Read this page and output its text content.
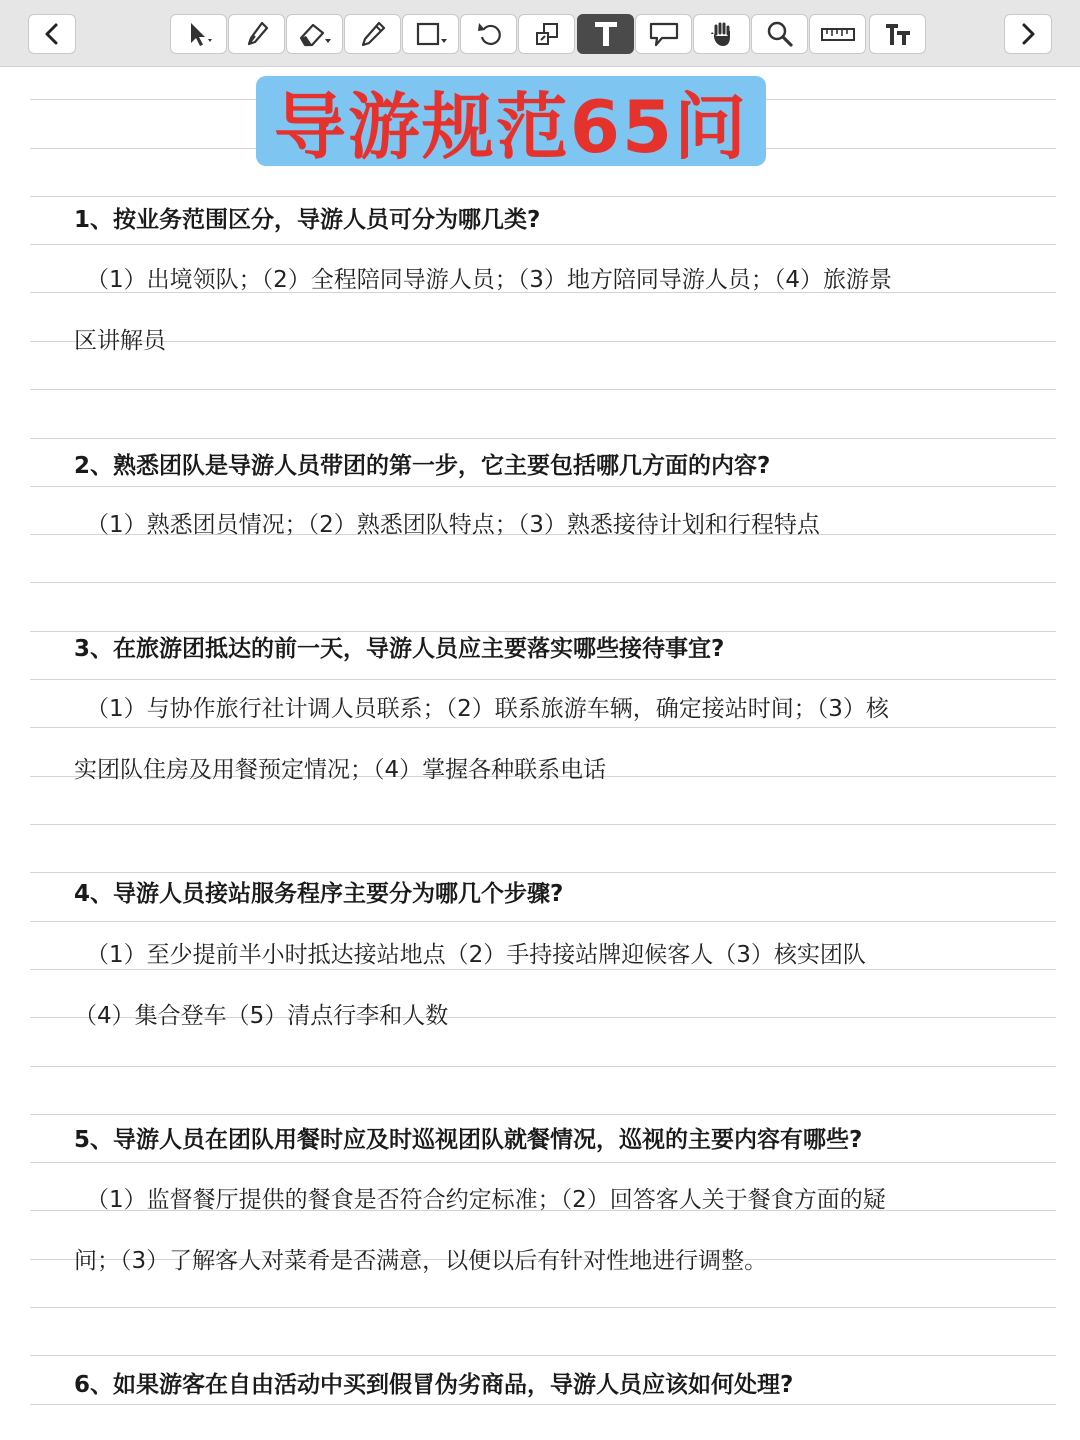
导游规范65问
1、按业务范围区分，导游人员可分为哪几类?
（1）出境领队；（2）全程陪同导游人员；（3）地方陪同导游人员；（4）旅游景区讲解员
2、熟悉团队是导游人员带团的第一步，它主要包括哪几方面的内容?
（1）熟悉团员情况；（2）熟悉团队特点；（3）熟悉接待计划和行程特点
3、在旅游团抵达的前一天，导游人员应主要落实哪些接待事宜?
（1）与协作旅行社计调人员联系；（2）联系旅游车辆，确定接站时间；（3）核实团队住房及用餐预定情况；（4）掌握各种联系电话
4、导游人员接站服务程序主要分为哪几个步骤?
（1）至少提前半小时抵达接站地点（2）手持接站牌迎候客人（3）核实团队（4）集合登车（5）清点行李和人数
5、导游人员在团队用餐时应及时巡视团队就餐情况，巡视的主要内容有哪些?
（1）监督餐厅提供的餐食是否符合约定标准；（2）回答客人关于餐食方面的疑问；（3）了解客人对菜肴是否满意，以便以后有针对性地进行调整。
6、如果游客在自由活动中买到假冒伪劣商品，导游人员应该如何处理?
